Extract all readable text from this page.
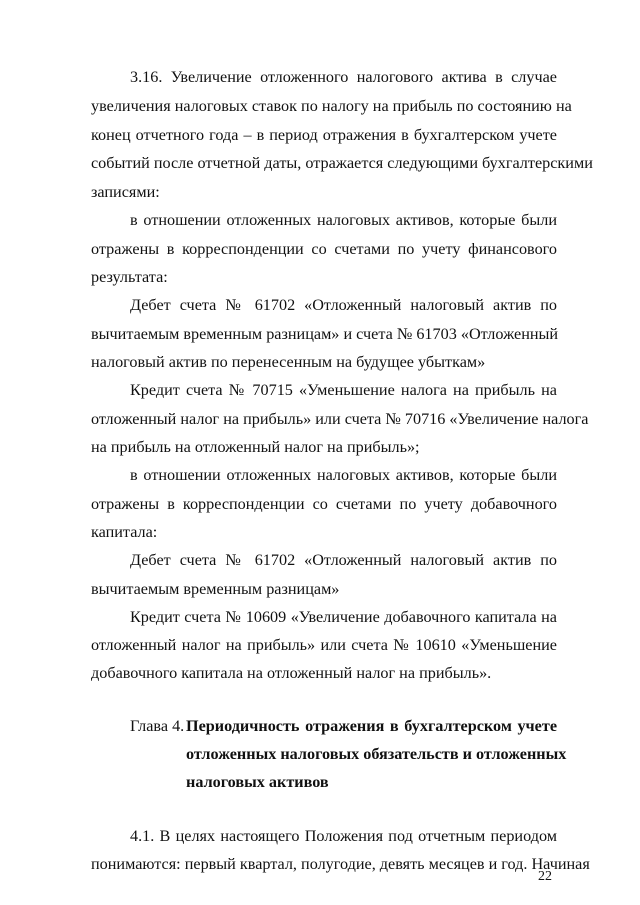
3.16. Увеличение отложенного налогового актива в случае
увеличения налоговых ставок по налогу на прибыль по состоянию на
конец отчетного года – в период отражения в бухгалтерском учете
событий после отчетной даты, отражается следующими бухгалтерскими
записями:
в отношении отложенных налоговых активов, которые были
отражены в корреспонденции со счетами по учету финансового
результата:
Дебет счета № 61702 «Отложенный налоговый актив по
вычитаемым временным разницам» и счета № 61703 «Отложенный
налоговый актив по перенесенным на будущее убыткам»
Кредит счета № 70715 «Уменьшение налога на прибыль на
отложенный налог на прибыль» или счета № 70716 «Увеличение налога
на прибыль на отложенный налог на прибыль»;
в отношении отложенных налоговых активов, которые были
отражены в корреспонденции со счетами по учету добавочного
капитала:
Дебет счета № 61702 «Отложенный налоговый актив по
вычитаемым временным разницам»
Кредит счета № 10609 «Увеличение добавочного капитала на
отложенный налог на прибыль» или счета № 10610 «Уменьшение
добавочного капитала на отложенный налог на прибыль».
Глава 4. Периодичность отражения в бухгалтерском учете
отложенных налоговых обязательств и отложенных
налоговых активов
4.1. В целях настоящего Положения под отчетным периодом
понимаются: первый квартал, полугодие, девять месяцев и год. Начиная
22
